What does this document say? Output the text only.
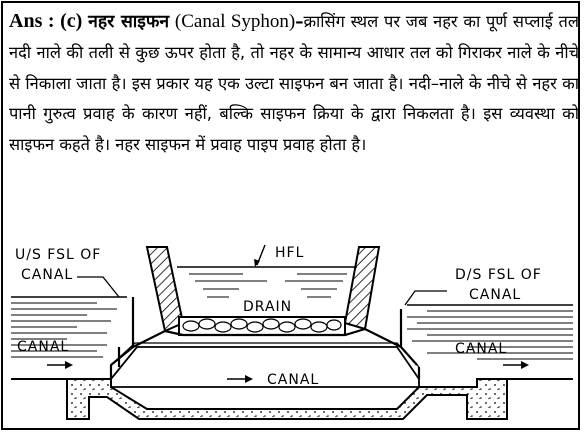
Ans : (c) नहर साइफन (Canal Syphon)–क्रासिंग स्थल पर जब नहर का पूर्ण सप्लाई तल नदी नाले की तली से कुछ ऊपर होता है, तो नहर के सामान्य आधार तल को गिराकर नाले के नीचे से निकाला जाता है। इस प्रकार यह एक उल्टा साइफन बन जाता है। नदी–नाले के नीचे से नहर का पानी गुरुत्व प्रवाह के कारण नहीं, बल्कि साइफन क्रिया के द्वारा निकलता है। इस व्यवस्था को साइफन कहते है। नहर साइफन में प्रवाह पाइप प्रवाह होता है।
U/S FSL OF
CANAL
HFL
DRAIN
D/S FSL OF
CANAL
CANAL	CANAL
CANAL
